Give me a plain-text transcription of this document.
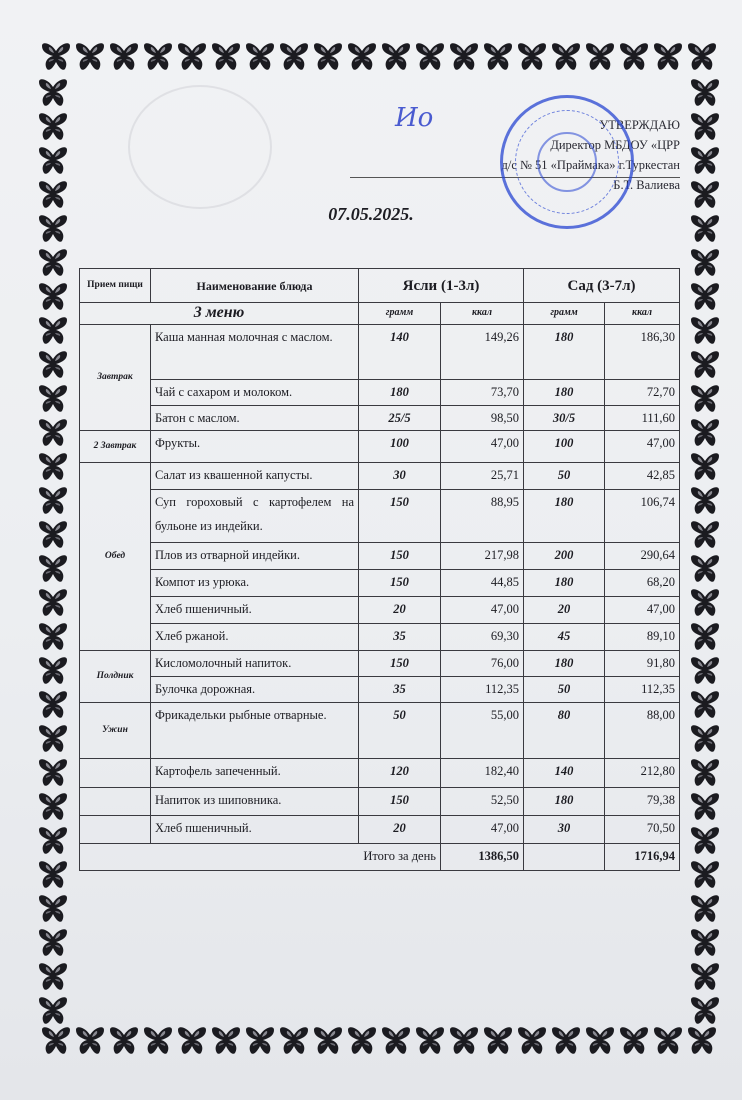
Ио	УТВЕРЖДАЮ
Директор МБДОУ «ЦРР
д/с № 51 «Праймака» г.Туркестан
Б.Т. Валиева
07.05.2025.
Прием пищи	Наименование блюда	Ясли (1-3л)		Сад (3-7л)	
3 меню		грамм	ккал	грамм	ккал
Завтрак	Каша манная молочная с маслом.	140	149,26	180	186,30
	Чай с сахаром и молоком.	180	73,70	180	72,70
	Батон с маслом.	25/5	98,50	30/5	111,60
2 Завтрак	Фрукты.	100	47,00	100	47,00
Обед	Салат из квашенной капусты.	30	25,71	50	42,85
	Суп гороховый с картофелем на бульоне из индейки.	150	88,95	180	106,74
	Плов из отварной индейки.	150	217,98	200	290,64
	Компот из урюка.	150	44,85	180	68,20
	Хлеб пшеничный.	20	47,00	20	47,00
	Хлеб ржаной.	35	69,30	45	89,10
Полдник	Кисломолочный напиток.	150	76,00	180	91,80
	Булочка дорожная.	35	112,35	50	112,35
Ужин	Фрикадельки рыбные отварные.	50	55,00	80	88,00
	Картофель запеченный.	120	182,40	140	212,80
	Напиток из шиповника.	150	52,50	180	79,38
	Хлеб пшеничный.	20	47,00	30	70,50
Итого за день			1386,50		1716,94
